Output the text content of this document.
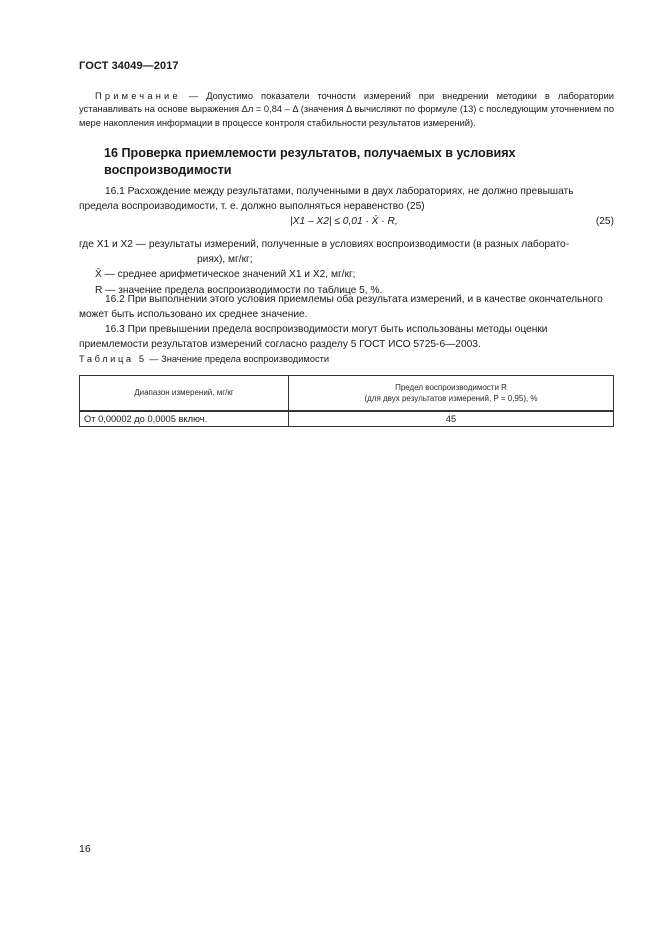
ГОСТ 34049—2017
Примечание — Допустимо показатели точности измерений при внедрении методики в лаборатории устанавливать на основе выражения Δл = 0,84 – Δ (значения Δ вычисляют по формуле (13) с последующим уточнением по мере накопления информации в процессе контроля стабильности результатов измерений).
16 Проверка приемлемости результатов, получаемых в условиях воспроизводимости
16.1 Расхождение между результатами, полученными в двух лабораториях, не должно превышать предела воспроизводимости, т. е. должно выполняться неравенство (25)
|X1 – X2| ≤ 0,01 · X̄ · R,	(25)
где X1 и X2 — результаты измерений, полученные в условиях воспроизводимости (в разных лаборато-
риях), мг/кг;
X̄ — среднее арифметическое значений X1 и X2, мг/кг;
R — значение предела воспроизводимости по таблице 5, %.
16.2 При выполнении этого условия приемлемы оба результата измерений, и в качестве окончательного может быть использовано их среднее значение.
16.3 При превышении предела воспроизводимости могут быть использованы методы оценки приемлемости результатов измерений согласно разделу 5 ГОСТ ИСО 5725-6—2003.
Таблица 5 — Значение предела воспроизводимости
Диапазон измерений, мг/кг	Предел воспроизводимости R
(для двух результатов измерений, P = 0,95), %

От 0,00002 до 0,0005 включ.	45
16
